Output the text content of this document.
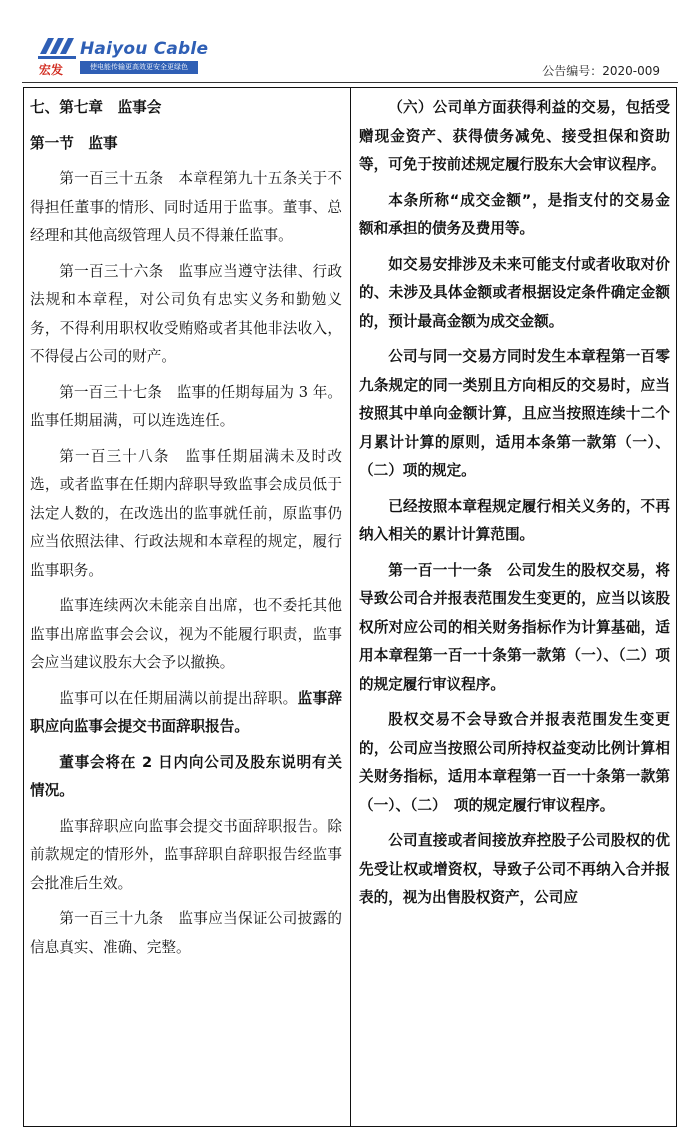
Haiyou Cable
宏发	使电能传输更高效更安全更绿色	公告编号：2020-009

七、第七章　监事会

第一节　监事

第一百三十五条　本章程第九十五条关于不得担任董事的情形、同时适用于监事。董事、总经理和其他高级管理人员不得兼任监事。

第一百三十六条　监事应当遵守法律、行政法规和本章程，对公司负有忠实义务和勤勉义务，不得利用职权收受贿赂或者其他非法收入，不得侵占公司的财产。

第一百三十七条　监事的任期每届为 3 年。监事任期届满，可以连选连任。

第一百三十八条　监事任期届满未及时改选，或者监事在任期内辞职导致监事会成员低于法定人数的，在改选出的监事就任前，原监事仍应当依照法律、行政法规和本章程的规定，履行监事职务。

监事连续两次未能亲自出席，也不委托其他监事出席监事会会议，视为不能履行职责，监事会应当建议股东大会予以撤换。

监事可以在任期届满以前提出辞职。监事辞职应向监事会提交书面辞职报告。

董事会将在 2 日内向公司及股东说明有关情况。

监事辞职应向监事会提交书面辞职报告。除前款规定的情形外，监事辞职自辞职报告经监事会批准后生效。

第一百三十九条　监事应当保证公司披露的信息真实、准确、完整。

（六）公司单方面获得利益的交易，包括受赠现金资产、获得债务减免、接受担保和资助等，可免于按前述规定履行股东大会审议程序。

本条所称“成交金额”，是指支付的交易金额和承担的债务及费用等。

如交易安排涉及未来可能支付或者收取对价的、未涉及具体金额或者根据设定条件确定金额的，预计最高金额为成交金额。

公司与同一交易方同时发生本章程第一百零九条规定的同一类别且方向相反的交易时，应当按照其中单向金额计算，且应当按照连续十二个月累计计算的原则，适用本条第一款第（一）、（二）项的规定。

已经按照本章程规定履行相关义务的，不再纳入相关的累计计算范围。

第一百一十一条　公司发生的股权交易，将导致公司合并报表范围发生变更的，应当以该股权所对应公司的相关财务指标作为计算基础，适用本章程第一百一十条第一款第（一）、（二）项的规定履行审议程序。

股权交易不会导致合并报表范围发生变更的，公司应当按照公司所持权益变动比例计算相关财务指标，适用本章程第一百一十条第一款第（一）、（二）　项的规定履行审议程序。

公司直接或者间接放弃控股子公司股权的优先受让权或增资权，导致子公司不再纳入合并报表的，视为出售股权资产，公司应
